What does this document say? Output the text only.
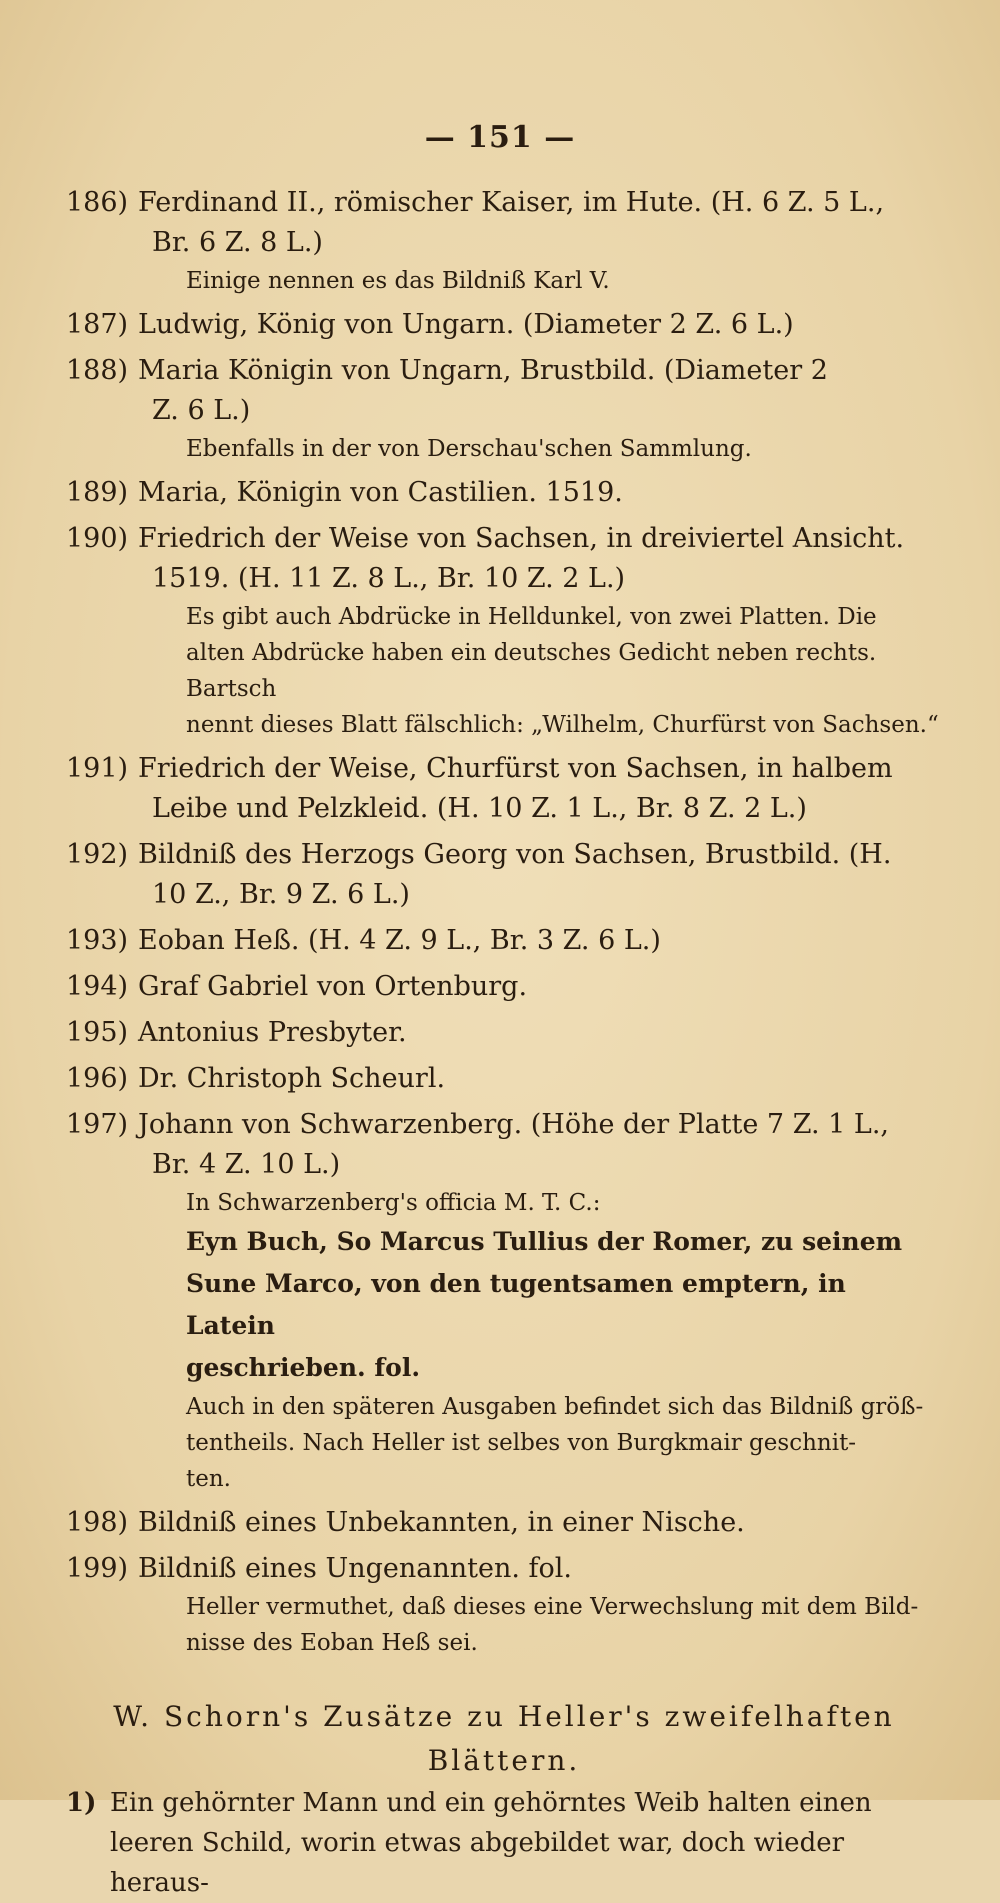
— 151 —
186) Ferdinand II., römischer Kaiser, im Hute. (H. 6 Z. 5 L.,
Br. 6 Z. 8 L.)
Einige nennen es das Bildniß Karl V.
187) Ludwig, König von Ungarn. (Diameter 2 Z. 6 L.)
188) Maria Königin von Ungarn, Brustbild. (Diameter 2
Z. 6 L.)
Ebenfalls in der von Derschau'schen Sammlung.
189) Maria, Königin von Castilien. 1519.
190) Friedrich der Weise von Sachsen, in dreiviertel Ansicht.
1519. (H. 11 Z. 8 L., Br. 10 Z. 2 L.)
Es gibt auch Abdrücke in Helldunkel, von zwei Platten. Die
alten Abdrücke haben ein deutsches Gedicht neben rechts. Bartsch
nennt dieses Blatt fälschlich: „Wilhelm, Churfürst von Sachsen.“
191) Friedrich der Weise, Churfürst von Sachsen, in halbem
Leibe und Pelzkleid. (H. 10 Z. 1 L., Br. 8 Z. 2 L.)
192) Bildniß des Herzogs Georg von Sachsen, Brustbild. (H.
10 Z., Br. 9 Z. 6 L.)
193) Eoban Heß. (H. 4 Z. 9 L., Br. 3 Z. 6 L.)
194) Graf Gabriel von Ortenburg.
195) Antonius Presbyter.
196) Dr. Christoph Scheurl.
197) Johann von Schwarzenberg. (Höhe der Platte 7 Z. 1 L.,
Br. 4 Z. 10 L.)
In Schwarzenberg's officia M. T. C.:
Eyn Buch, So Marcus Tullius der Romer, zu seinem
Sune Marco, von den tugentsamen emptern, in Latein
geschrieben. fol.
Auch in den späteren Ausgaben befindet sich das Bildniß größ-
tentheils. Nach Heller ist selbes von Burgkmair geschnit-
ten.
198) Bildniß eines Unbekannten, in einer Nische.
199) Bildniß eines Ungenannten. fol.
Heller vermuthet, daß dieses eine Verwechslung mit dem Bild-
nisse des Eoban Heß sei.
W. Schorn's Zusätze zu Heller's zweifelhaften
Blättern.
1) Ein gehörnter Mann und ein gehörntes Weib halten einen
leeren Schild, worin etwas abgebildet war, doch wieder heraus-
